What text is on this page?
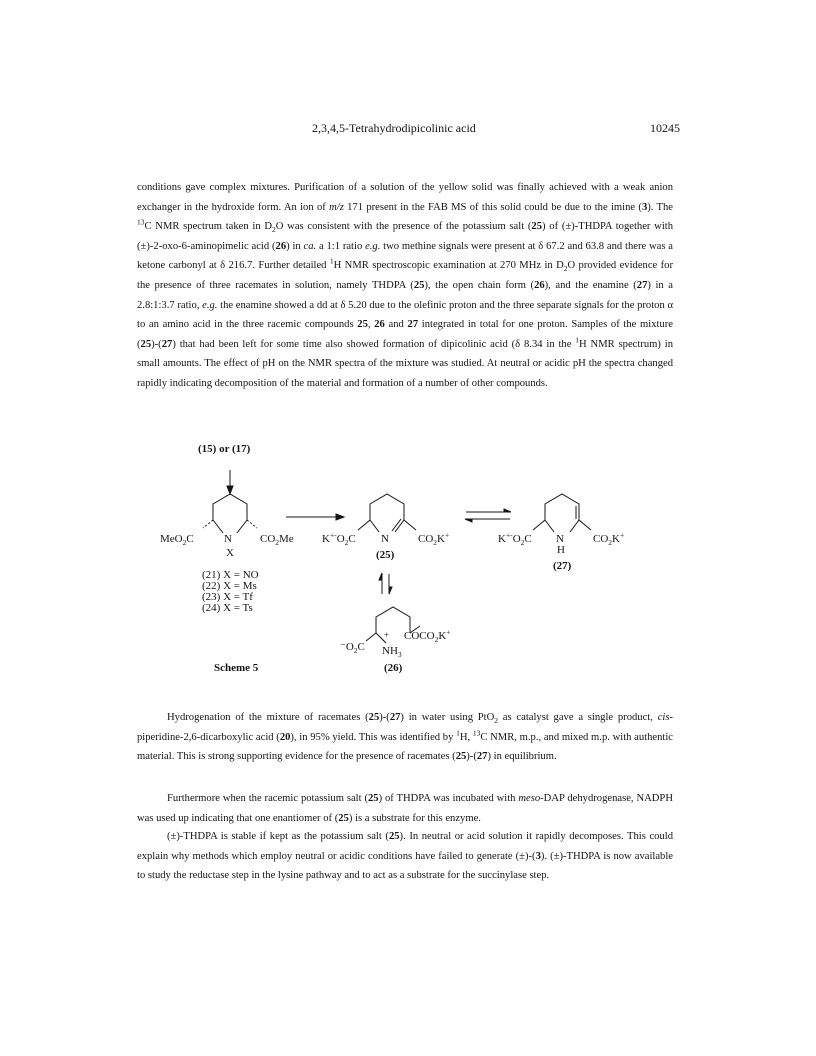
2,3,4,5-Tetrahydrodipicolinic acid	10245

conditions gave complex mixtures. Purification of a solution of the yellow solid was finally achieved with a weak anion exchanger in the hydroxide form. An ion of m/z 171 present in the FAB MS of this solid could be due to the imine (3). The $^{13}$C NMR spectrum taken in $D_2O$ was consistent with the presence of the potassium salt (25) of (±)-THDPA together with (±)-2-oxo-6-aminopimelic acid (26) in ca. a 1:1 ratio e.g. two methine signals were present at δ 67.2 and 63.8 and there was a ketone carbonyl at δ 216.7. Further detailed $^1$H NMR spectroscopic examination at 270 MHz in $D_2O$ provided evidence for the presence of three racemates in solution, namely THDPA (25), the open chain form (26), and the enamine (27) in a 2.8:1:3.7 ratio, e.g. the enamine showed a dd at δ 5.20 due to the olefinic proton and the three separate signals for the proton α to an amino acid in the three racemic compounds 25, 26 and 27 integrated in total for one proton. Samples of the mixture (25)-(27) that had been left for some time also showed formation of dipicolinic acid (δ 8.34 in the $^1$H NMR spectrum) in small amounts. The effect of pH on the NMR spectra of the mixture was studied. At neutral or acidic pH the spectra changed rapidly indicating decomposition of the material and formation of a number of other compounds.

(15) or (17)
MeO$_2$C	N	$CO_2Me$
X
(21) X = NO
(22) X = Ms
(23) X = Tf
(24) X = Ts
$K^{+-}O_2C$ N	$CO_2K^+$
(25)
$K^{+-}O_2C$ N
H
$CO_2K^+$
(27)
$^-O_2C$ $NH_3$
+ $COCO_2K^+$
(26)
Scheme 5

Hydrogenation of the mixture of racemates (25)-(27) in water using PtO$_2$ as catalyst gave a single product, cis-piperidine-2,6-dicarboxylic acid (20), in 95% yield. This was identified by $^1$H, $^{13}$C NMR, m.p., and mixed m.p. with authentic material. This is strong supporting evidence for the presence of racemates (25)-(27) in equilibrium.

Furthermore when the racemic potassium salt (25) of THDPA was incubated with meso-DAP dehydrogenase, NADPH was used up indicating that one enantiomer of (25) is a substrate for this enzyme.

(±)-THDPA is stable if kept as the potassium salt (25). In neutral or acid solution it rapidly decomposes. This could explain why methods which employ neutral or acidic conditions have failed to generate (±)-(3). (±)-THDPA is now available to study the reductase step in the lysine pathway and to act as a substrate for the succinylase step.
